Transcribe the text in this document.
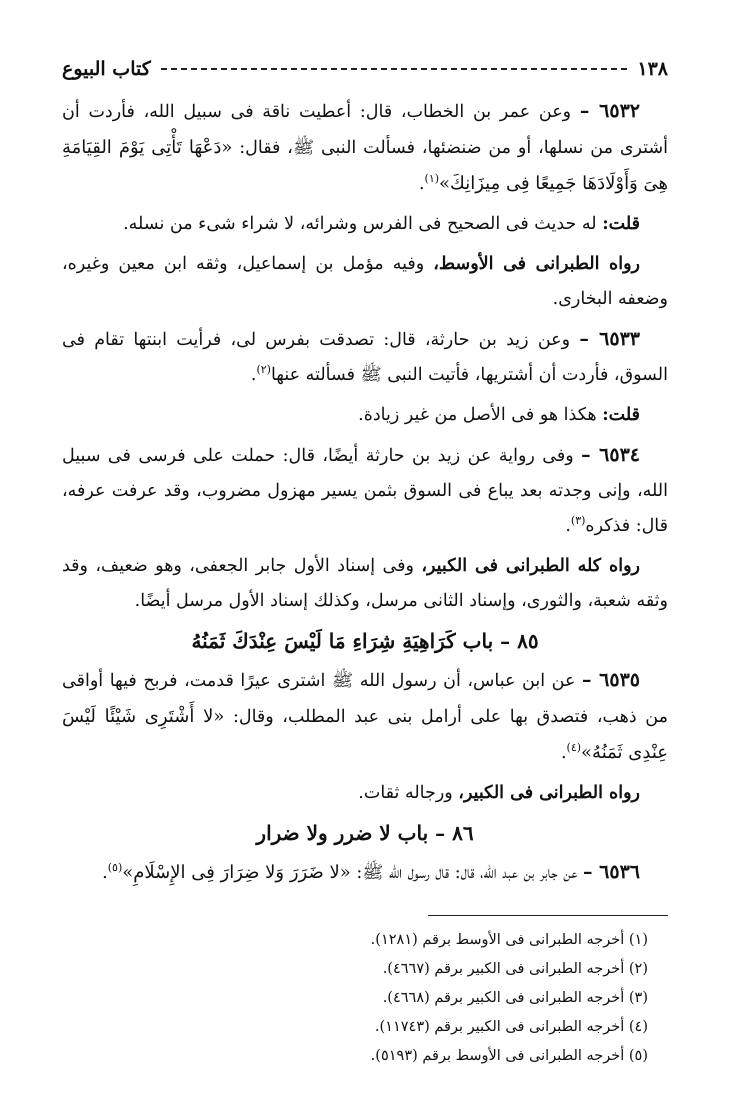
١٣٨
كتاب البيوع

٦٥٣٢ – وعن عمر بن الخطاب، قال: أعطيت ناقة فى سبيل الله، فأردت أن أشترى من نسلها، أو من ضنضئها، فسألت النبى ﷺ، فقال: «دَعْهَا تَأْتِى يَوْمَ القِيَامَةِ هِىَ وَأَوْلَادَهَا جَمِيعًا فِى مِيزَانِكَ»$^{(١)}$.

قلت: له حديث فى الصحيح فى الفرس وشرائه، لا شراء شىء من نسله.

رواه الطبرانى فى الأوسط، وفيه مؤمل بن إسماعيل، وثقه ابن معين وغيره، وضعفه البخارى.

٦٥٣٣ – وعن زيد بن حارثة، قال: تصدقت بفرس لى، فرأيت ابنتها تقام فى السوق، فأردت أن أشتريها، فأتيت النبى ﷺ فسألته عنها$^{(٢)}$.

قلت: هكذا هو فى الأصل من غير زيادة.

٦٥٣٤ – وفى رواية عن زيد بن حارثة أيضًا، قال: حملت على فرسى فى سبيل الله، وإنى وجدته بعد يباع فى السوق بثمن يسير مهزول مضروب، وقد عرفت عرفه، قال: فذكره$^{(٣)}$.

رواه كله الطبرانى فى الكبير، وفى إسناد الأول جابر الجعفى، وهو ضعيف، وقد وثقه شعبة، والثورى، وإسناد الثانى مرسل، وكذلك إسناد الأول مرسل أيضًا.

٨٥ – باب كَرَاهِيَةِ شِرَاءِ مَا لَيْسَ عِنْدَكَ ثَمَنُهُ

٦٥٣٥ – عن ابن عباس، أن رسول الله ﷺ اشترى عيرًا قدمت، فربح فيها أواقى من ذهب، فتصدق بها على أرامل بنى عبد المطلب، وقال: «لا أَشْتَرِى شَيْئًا لَيْسَ عِنْدِى ثَمَنُهُ»$^{(٤)}$.

رواه الطبرانى فى الكبير، ورجاله ثقات.

٨٦ – باب لا ضرر ولا ضرار

٦٥٣٦ – عن جابر بن عبد الله، قال: قال رسول الله ﷺ: «لا ضَرَرَ وَلا ضِرَارَ فِى الإِسْلَامِ»$^{(٥)}$.

(١) أخرجه الطبرانى فى الأوسط برقم (١٢٨١).
(٢) أخرجه الطبرانى فى الكبير برقم (٤٦٦٧).
(٣) أخرجه الطبرانى فى الكبير برقم (٤٦٦٨).
(٤) أخرجه الطبرانى فى الكبير برقم (١١٧٤٣).
(٥) أخرجه الطبرانى فى الأوسط برقم (٥١٩٣).
